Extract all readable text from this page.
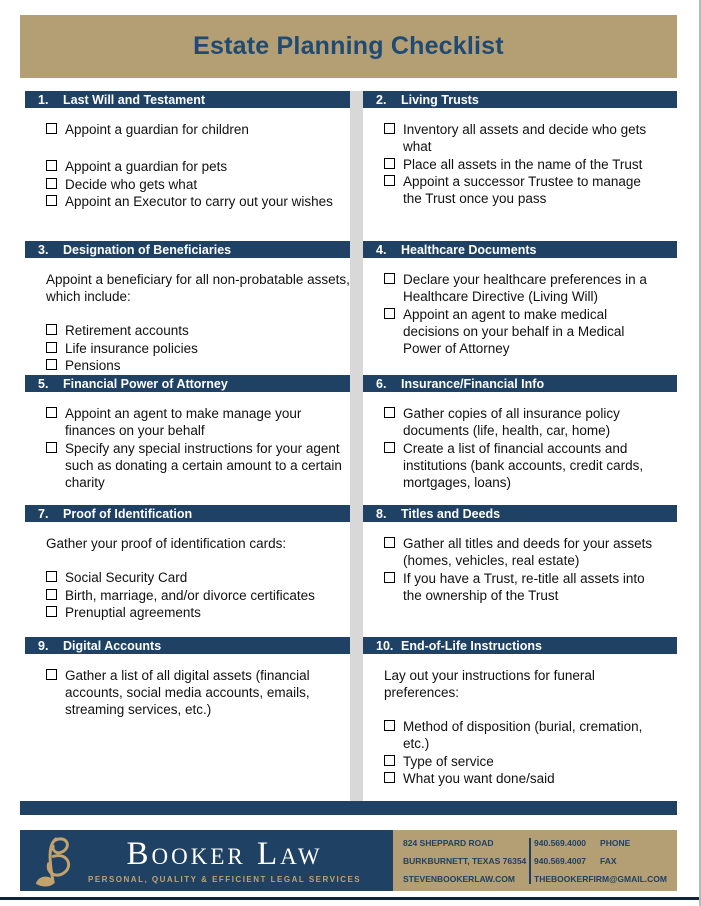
Estate Planning Checklist
1.	Last Will and Testament
Appoint a guardian for children
Appoint a guardian for pets
Decide who gets what
Appoint an Executor to carry out your wishes
2.	Living Trusts
Inventory all assets and decide who gets what
Place all assets in the name of the Trust
Appoint a successor Trustee to manage the Trust once you pass
3.	Designation of Beneficiaries

Appoint a beneficiary for all non-probatable assets, which include:

Retirement accounts
Life insurance policies
Pensions
4.	Healthcare Documents
Declare your healthcare preferences in a Healthcare Directive (Living Will)
Appoint an agent to make medical decisions on your behalf in a Medical Power of Attorney
5.	Financial Power of Attorney
Appoint an agent to make manage your finances on your behalf
Specify any special instructions for your agent such as donating a certain amount to a certain charity
6.	Insurance/Financial Info
Gather copies of all insurance policy documents (life, health, car, home)
Create a list of financial accounts and institutions (bank accounts, credit cards, mortgages, loans)
7.	Proof of Identification

Gather your proof of identification cards:

Social Security Card
Birth, marriage, and/or divorce certificates
Prenuptial agreements
8.	Titles and Deeds
Gather all titles and deeds for your assets (homes, vehicles, real estate)
If you have a Trust, re-title all assets into the ownership of the Trust
9.	Digital Accounts
Gather a list of all digital assets (financial accounts, social media accounts, emails, streaming services, etc.)
10. End-of-Life Instructions

Lay out your instructions for funeral preferences:

Method of disposition (burial, cremation, etc.)
Type of service
What you want done/said
Booker Law
PERSONAL, QUALITY & EFFICIENT LEGAL SERVICES
824 SHEPPARD ROAD
BURKBURNETT, TEXAS 76354
STEVENBOOKERLAW.COM
940.569.4000 PHONE
940.569.4007 FAX
THEBOOKERFIRM@GMAIL.COM
